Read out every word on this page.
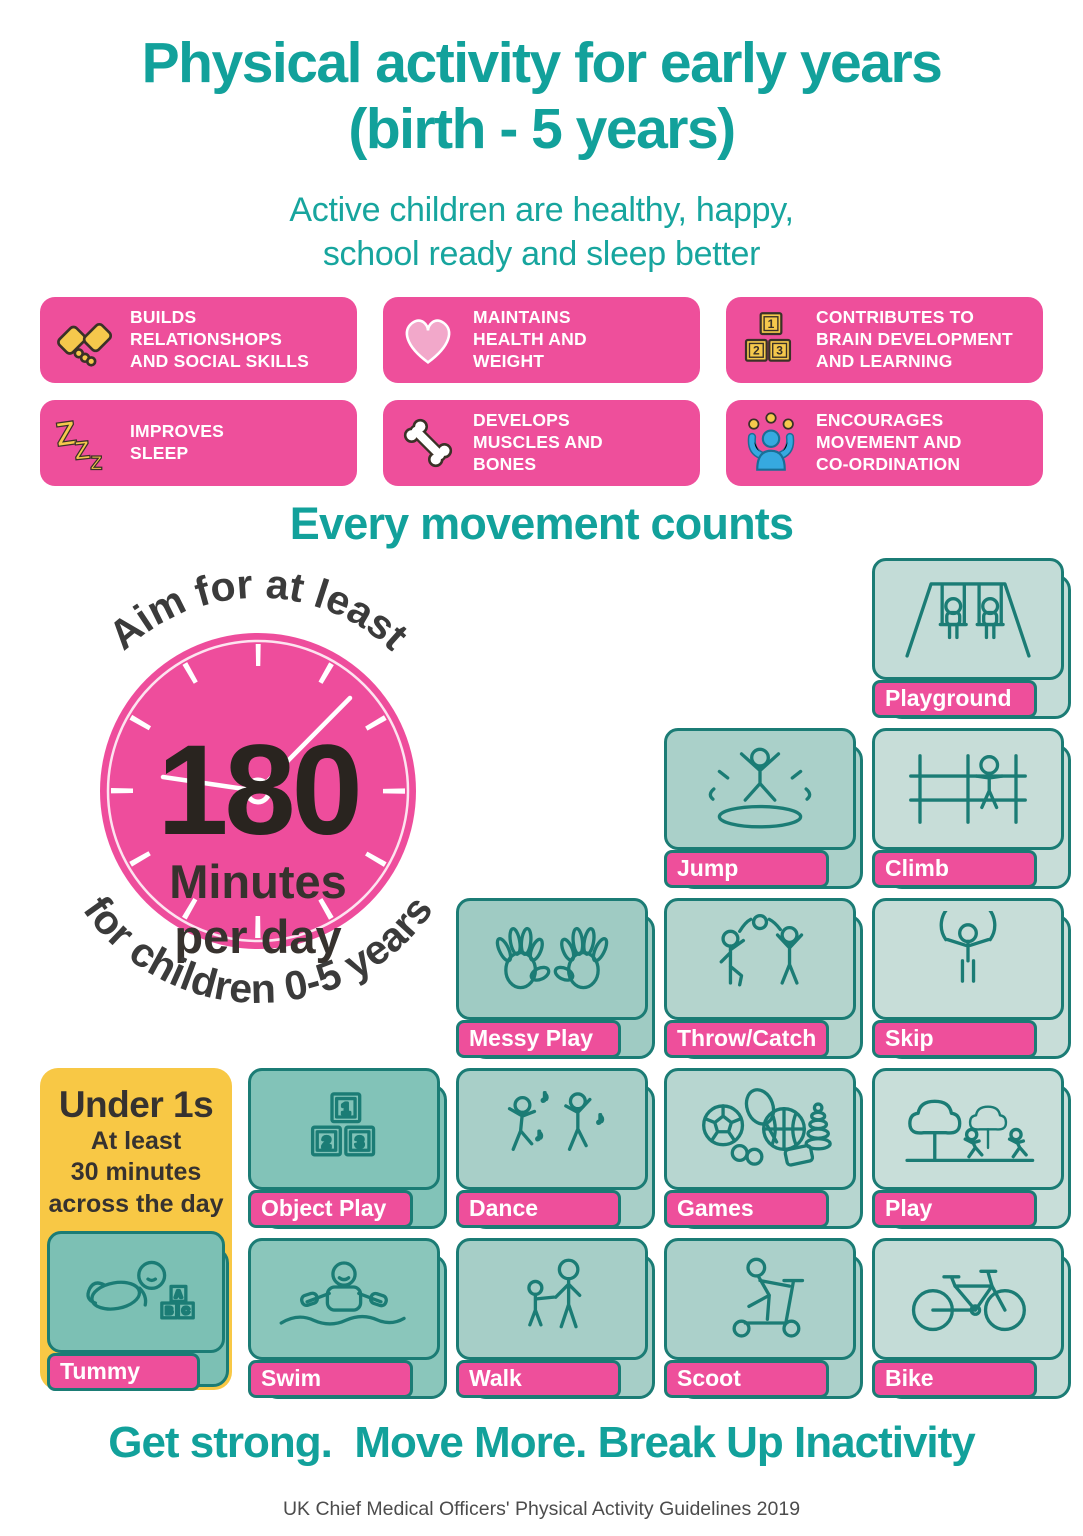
Physical activity for early years
(birth - 5 years)
Active children are healthy, happy,
school ready and sleep better
BUILDS
RELATIONSHOPS
AND SOCIAL SKILLS
MAINTAINS
HEALTH AND
WEIGHT
1
2 3
CONTRIBUTES TO
BRAIN DEVELOPMENT
AND LEARNING
Z
Z
Z
IMPROVES
SLEEP
DEVELOPS
MUSCLES AND
BONES
ENCOURAGES
MOVEMENT AND
CO-ORDINATION
Every movement counts
180
Minutes
per day
Aim for at least
for children 0-5 years
Playground
Jump	Climb
Messy Play	Throw/Catch	Skip
Under 1s
At least
30 minutes
across the day
A
B C
Tummy Time
1
2 3
Object Play
♪
♪
♪
Dance	Games	Play
Swim	Walk	Scoot	Bike
Get strong.  Move More. Break Up Inactivity
UK Chief Medical Officers' Physical Activity Guidelines 2019
